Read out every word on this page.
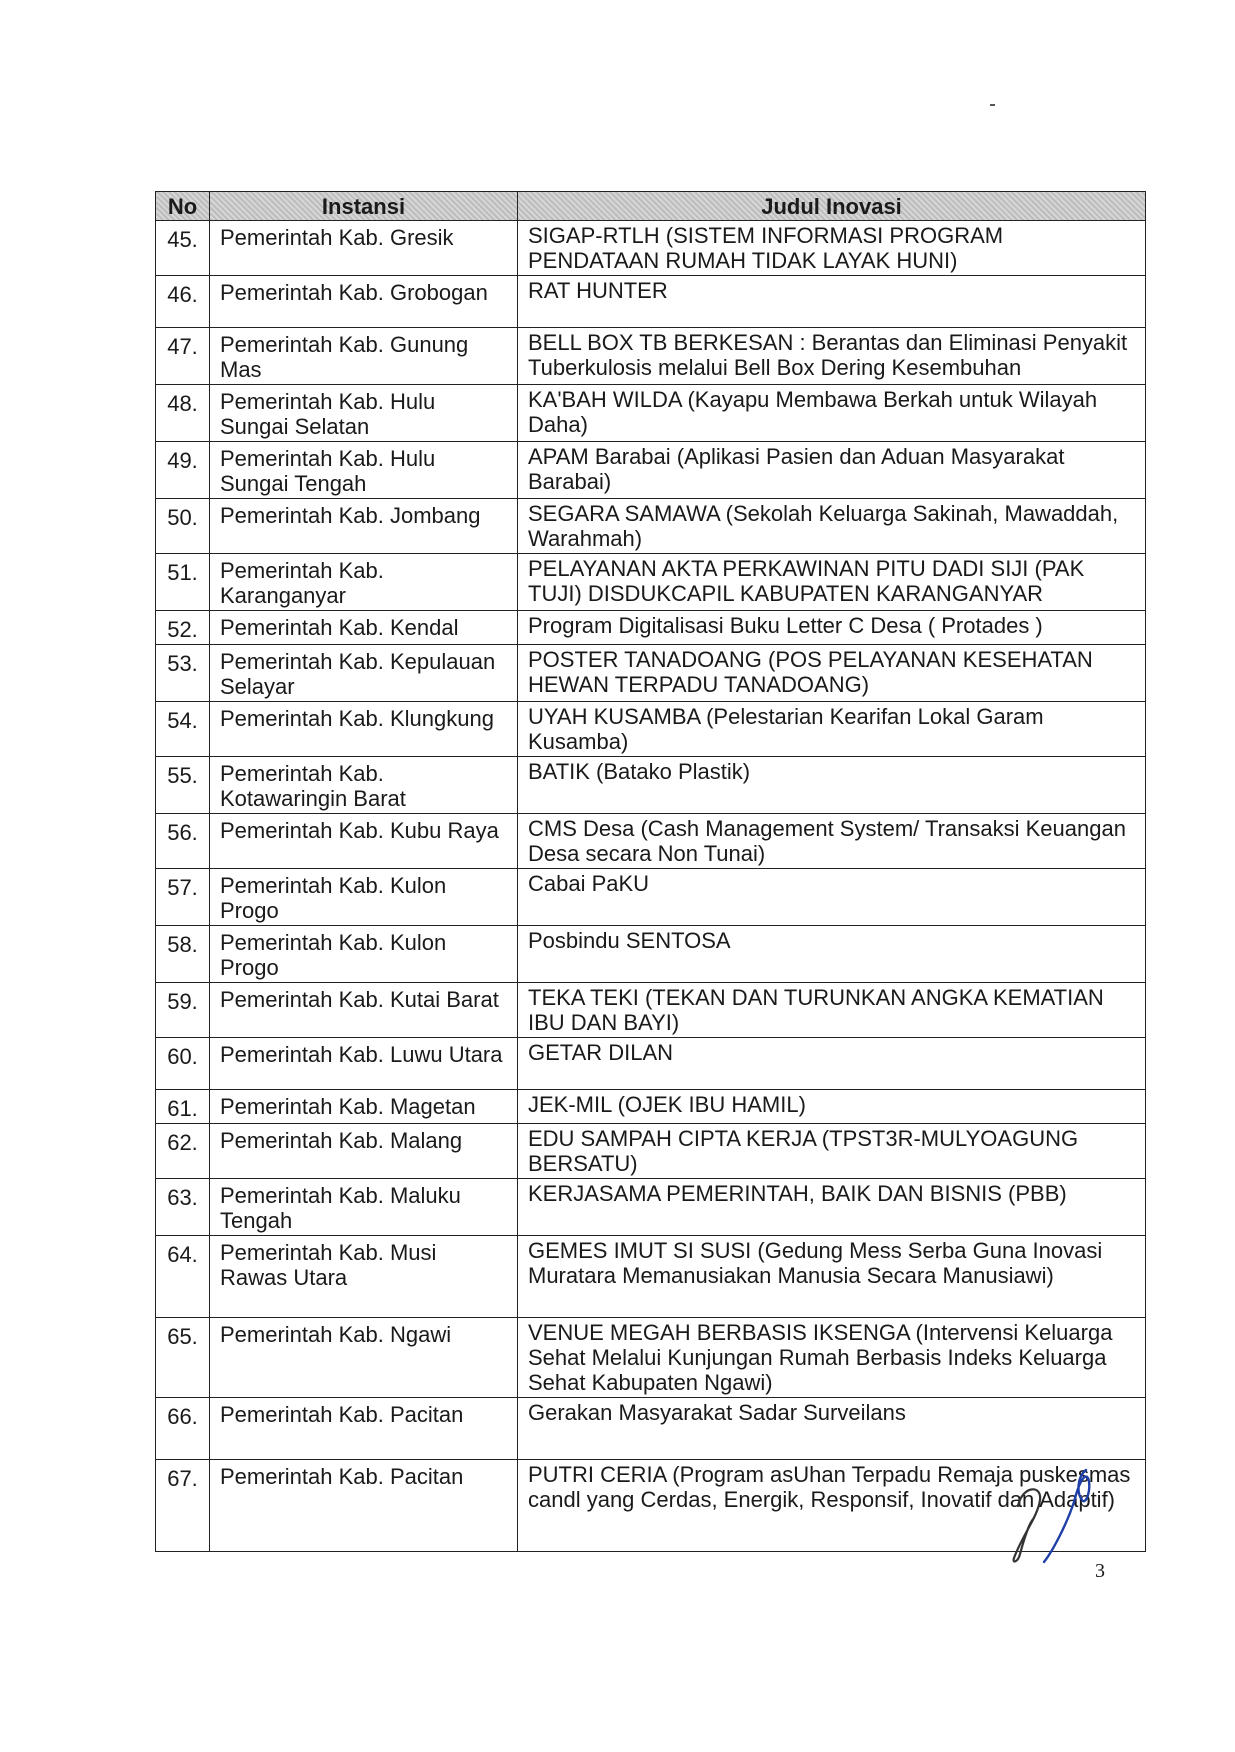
No	Instansi	Judul Inovasi
45.	Pemerintah Kab. Gresik	SIGAP-RTLH (SISTEM INFORMASI PROGRAM PENDATAAN RUMAH TIDAK LAYAK HUNI)
46.	Pemerintah Kab. Grobogan	RAT HUNTER
47.	Pemerintah Kab. Gunung Mas	BELL BOX TB BERKESAN : Berantas dan Eliminasi Penyakit Tuberkulosis melalui Bell Box Dering Kesembuhan
48.	Pemerintah Kab. Hulu Sungai Selatan	KA'BAH WILDA (Kayapu Membawa Berkah untuk Wilayah Daha)
49.	Pemerintah Kab. Hulu Sungai Tengah	APAM Barabai (Aplikasi Pasien dan Aduan Masyarakat Barabai)
50.	Pemerintah Kab. Jombang	SEGARA SAMAWA (Sekolah Keluarga Sakinah, Mawaddah, Warahmah)
51.	Pemerintah Kab. Karanganyar	PELAYANAN AKTA PERKAWINAN PITU DADI SIJI (PAK TUJI) DISDUKCAPIL KABUPATEN KARANGANYAR
52.	Pemerintah Kab. Kendal	Program Digitalisasi Buku Letter C Desa ( Protades )
53.	Pemerintah Kab. Kepulauan Selayar	POSTER TANADOANG (POS PELAYANAN KESEHATAN HEWAN TERPADU TANADOANG)
54.	Pemerintah Kab. Klungkung	UYAH KUSAMBA (Pelestarian Kearifan Lokal Garam Kusamba)
55.	Pemerintah Kab. Kotawaringin Barat	BATIK (Batako Plastik)
56.	Pemerintah Kab. Kubu Raya	CMS Desa (Cash Management System/ Transaksi Keuangan Desa secara Non Tunai)
57.	Pemerintah Kab. Kulon Progo	Cabai PaKU
58.	Pemerintah Kab. Kulon Progo	Posbindu SENTOSA
59.	Pemerintah Kab. Kutai Barat	TEKA TEKI (TEKAN DAN TURUNKAN ANGKA KEMATIAN IBU DAN BAYI)
60.	Pemerintah Kab. Luwu Utara	GETAR DILAN
61.	Pemerintah Kab. Magetan	JEK-MIL (OJEK IBU HAMIL)
62.	Pemerintah Kab. Malang	EDU SAMPAH CIPTA KERJA (TPST3R-MULYOAGUNG BERSATU)
63.	Pemerintah Kab. Maluku Tengah	KERJASAMA PEMERINTAH, BAIK DAN BISNIS (PBB)
64.	Pemerintah Kab. Musi Rawas Utara	GEMES IMUT SI SUSI (Gedung Mess Serba Guna Inovasi Muratara Memanusiakan Manusia Secara Manusiawi)
65.	Pemerintah Kab. Ngawi	VENUE MEGAH BERBASIS IKSENGA (Intervensi Keluarga Sehat Melalui Kunjungan Rumah Berbasis Indeks Keluarga Sehat Kabupaten Ngawi)
66.	Pemerintah Kab. Pacitan	Gerakan Masyarakat Sadar Surveilans
67.	Pemerintah Kab. Pacitan	PUTRI CERIA (Program asUhan Terpadu Remaja puskesmas candl yang Cerdas, Energik, Responsif, Inovatif dan Adaptif)
3
